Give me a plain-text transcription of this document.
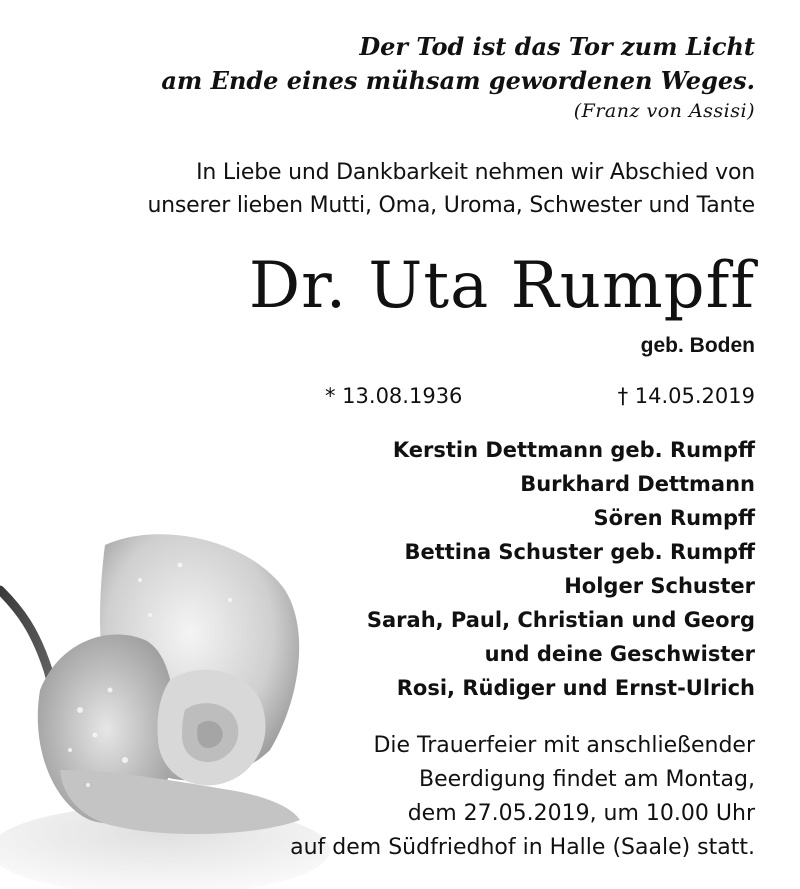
Der Tod ist das Tor zum Licht
am Ende eines mühsam gewordenen Weges.
(Franz von Assisi)
In Liebe und Dankbarkeit nehmen wir Abschied von
unserer lieben Mutti, Oma, Uroma, Schwester und Tante
Dr. Uta Rumpff
geb. Boden
* 13.08.1936	† 14.05.2019
Kerstin Dettmann geb. Rumpff
Burkhard Dettmann
Sören Rumpff
Bettina Schuster geb. Rumpff
Holger Schuster
Sarah, Paul, Christian und Georg
und deine Geschwister
Rosi, Rüdiger und Ernst-Ulrich
Die Trauerfeier mit anschließender
Beerdigung findet am Montag,
dem 27.05.2019, um 10.00 Uhr
auf dem Südfriedhof in Halle (Saale) statt.
